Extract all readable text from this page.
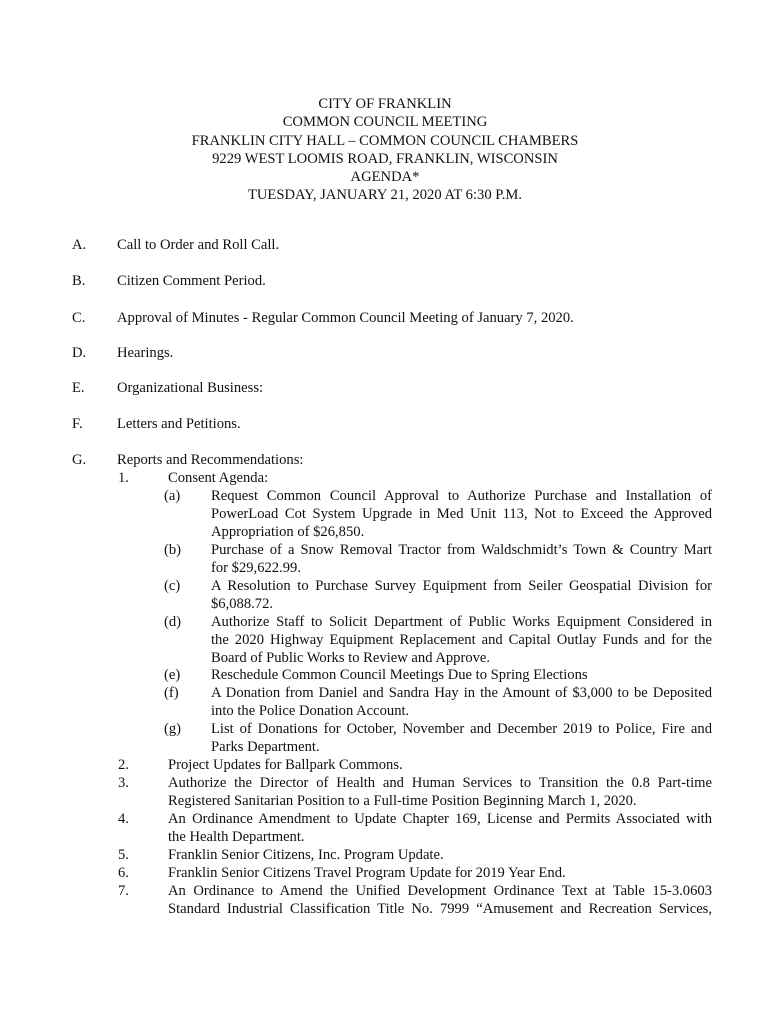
CITY OF FRANKLIN
COMMON COUNCIL MEETING
FRANKLIN CITY HALL – COMMON COUNCIL CHAMBERS
9229 WEST LOOMIS ROAD, FRANKLIN, WISCONSIN
AGENDA*
TUESDAY, JANUARY 21, 2020 AT 6:30 P.M.
A. Call to Order and Roll Call.
B. Citizen Comment Period.
C. Approval of Minutes - Regular Common Council Meeting of January 7, 2020.
D. Hearings.
E. Organizational Business:
F. Letters and Petitions.
G. Reports and Recommendations:
1.	Consent Agenda:
(a) Request Common Council Approval to Authorize Purchase and Installation of
PowerLoad Cot System Upgrade in Med Unit 113, Not to Exceed the Approved
Appropriation of $26,850.
(b) Purchase of a Snow Removal Tractor from Waldschmidt’s Town & Country Mart
for $29,622.99.
(c) A Resolution to Purchase Survey Equipment from Seiler Geospatial Division for
$6,088.72.
(d) Authorize Staff to Solicit Department of Public Works Equipment Considered in
the 2020 Highway Equipment Replacement and Capital Outlay Funds and for the
Board of Public Works to Review and Approve.
(e) Reschedule Common Council Meetings Due to Spring Elections
(f) A Donation from Daniel and Sandra Hay in the Amount of $3,000 to be Deposited
into the Police Donation Account.
(g) List of Donations for October, November and December 2019 to Police, Fire and
Parks Department.
2.	Project Updates for Ballpark Commons.
3.	Authorize the Director of Health and Human Services to Transition the 0.8 Part-time
Registered Sanitarian Position to a Full-time Position Beginning March 1, 2020.
4.	An Ordinance Amendment to Update Chapter 169, License and Permits Associated with
the Health Department.
5.	Franklin Senior Citizens, Inc. Program Update.
6.	Franklin Senior Citizens Travel Program Update for 2019 Year End.
7.	An Ordinance to Amend the Unified Development Ordinance Text at Table 15-3.0603
Standard Industrial Classification Title No. 7999 “Amusement and Recreation Services,
